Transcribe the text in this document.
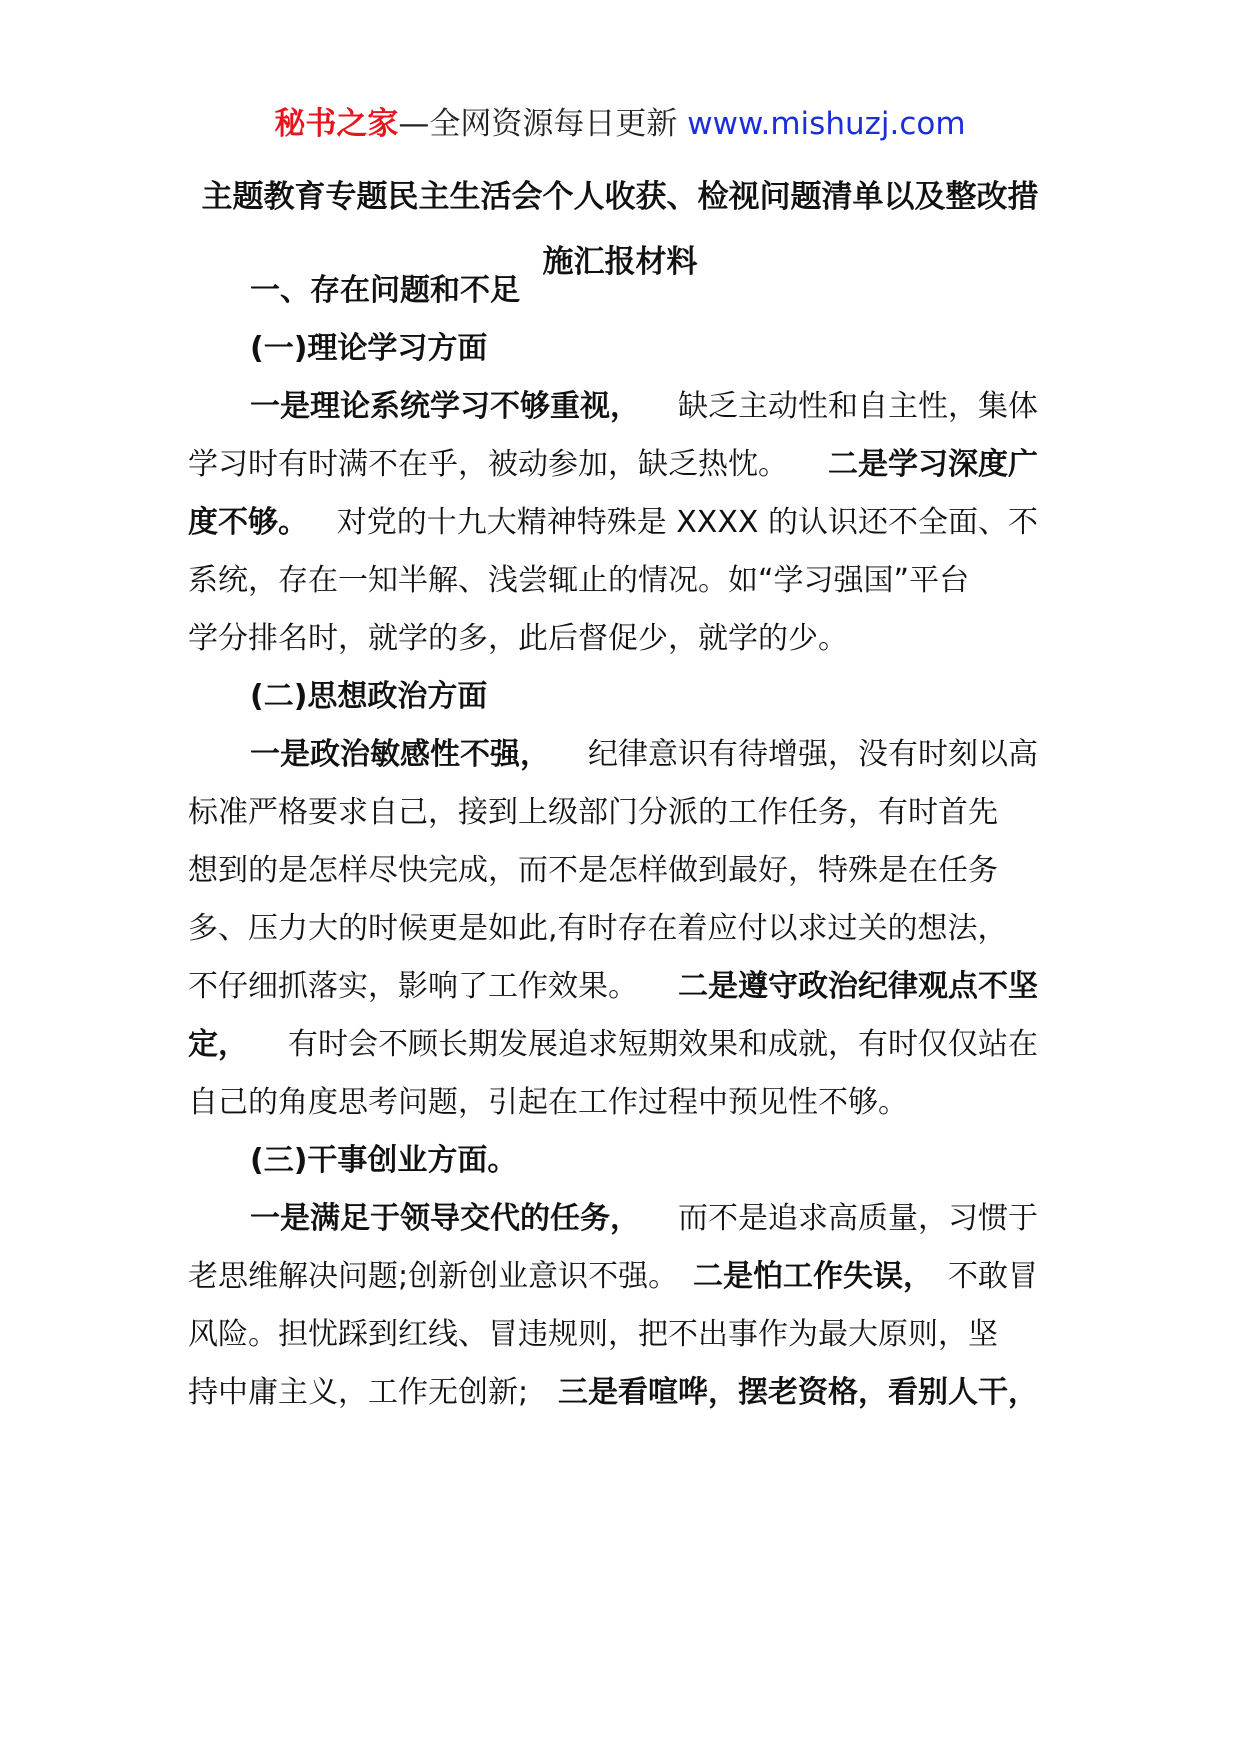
秘书之家—全网资源每日更新 www.mishuzj.com
主题教育专题民主生活会个人收获、检视问题清单以及整改措
施汇报材料
一、存在问题和不足
(一)理论学习方面
一是理论系统学习不够重视， 缺乏主动性和自主性，集体
学习时有时满不在乎，被动参加，缺乏热忱。 二是学习深度广
度不够。 对党的十九大精神特殊是 XXXX 的认识还不全面、不
系统，存在一知半解、浅尝辄止的情况。如“学习强国”平台
学分排名时，就学的多，此后督促少，就学的少。
(二)思想政治方面
一是政治敏感性不强， 纪律意识有待增强，没有时刻以高
标准严格要求自己，接到上级部门分派的工作任务，有时首先
想到的是怎样尽快完成，而不是怎样做到最好，特殊是在任务
多、压力大的时候更是如此,有时存在着应付以求过关的想法，
不仔细抓落实，影响了工作效果。 二是遵守政治纪律观点不坚
定， 有时会不顾长期发展追求短期效果和成就，有时仅仅站在
自己的角度思考问题，引起在工作过程中预见性不够。
(三)干事创业方面。
一是满足于领导交代的任务， 而不是追求高质量，习惯于
老思维解决问题;创新创业意识不强。 二是怕工作失误， 不敢冒
风险。担忧踩到红线、冒违规则，把不出事作为最大原则，坚
持中庸主义，工作无创新; 三是看喧哗，摆老资格，看别人干，
